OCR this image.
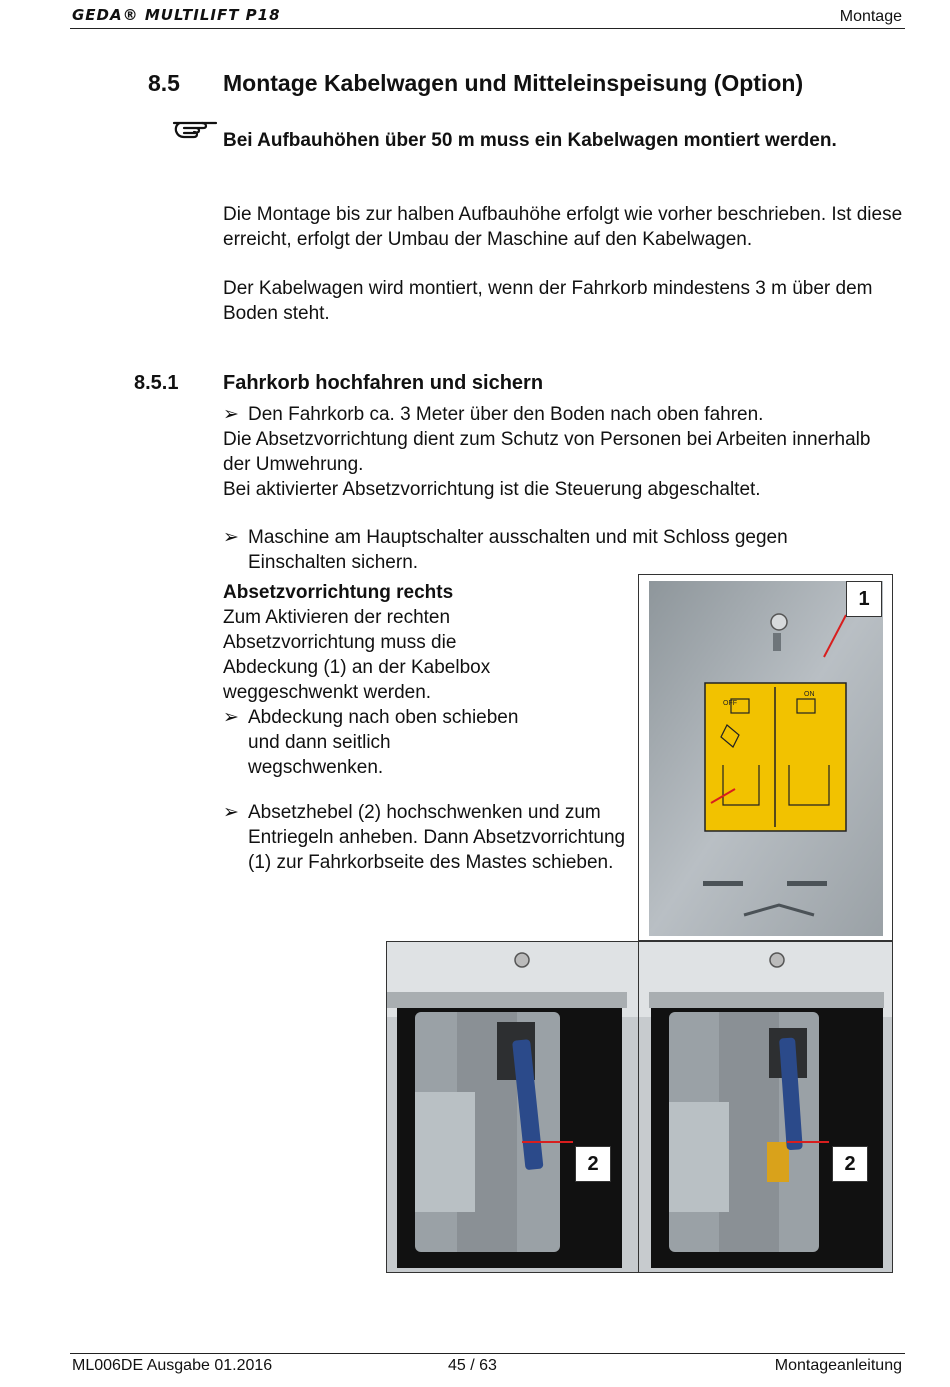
GEDA® MULTILIFT P18	Montage
8.5 Montage Kabelwagen und Mitteleinspeisung (Option)
Bei Aufbauhöhen über 50 m muss ein Kabelwagen montiert werden.
Die Montage bis zur halben Aufbauhöhe erfolgt wie vorher beschrieben. Ist diese erreicht, erfolgt der Umbau der Maschine auf den Kabelwagen.
Der Kabelwagen wird montiert, wenn der Fahrkorb mindestens 3 m über dem Boden steht.
8.5.1 Fahrkorb hochfahren und sichern
➢ Den Fahrkorb ca. 3 Meter über den Boden nach oben fahren.
Die Absetzvorrichtung dient zum Schutz von Personen bei Arbeiten innerhalb der Umwehrung.
Bei aktivierter Absetzvorrichtung ist die Steuerung abgeschaltet.
➢ Maschine am Hauptschalter ausschalten und mit Schloss gegen Einschalten sichern.
Absetzvorrichtung rechts
Zum Aktivieren der rechten Absetzvorrichtung muss die Abdeckung (1) an der Kabelbox weggeschwenkt werden.
➢ Abdeckung nach oben schieben und dann seitlich wegschwenken.
➢ Absetzhebel (2) hochschwenken und zum Entriegeln anheben. Dann Absetzvorrichtung (1) zur Fahrkorbseite des Mastes schieben.
OFF
ON
1
2	2
ML006DE Ausgabe 01.2016	45 / 63	Montageanleitung
